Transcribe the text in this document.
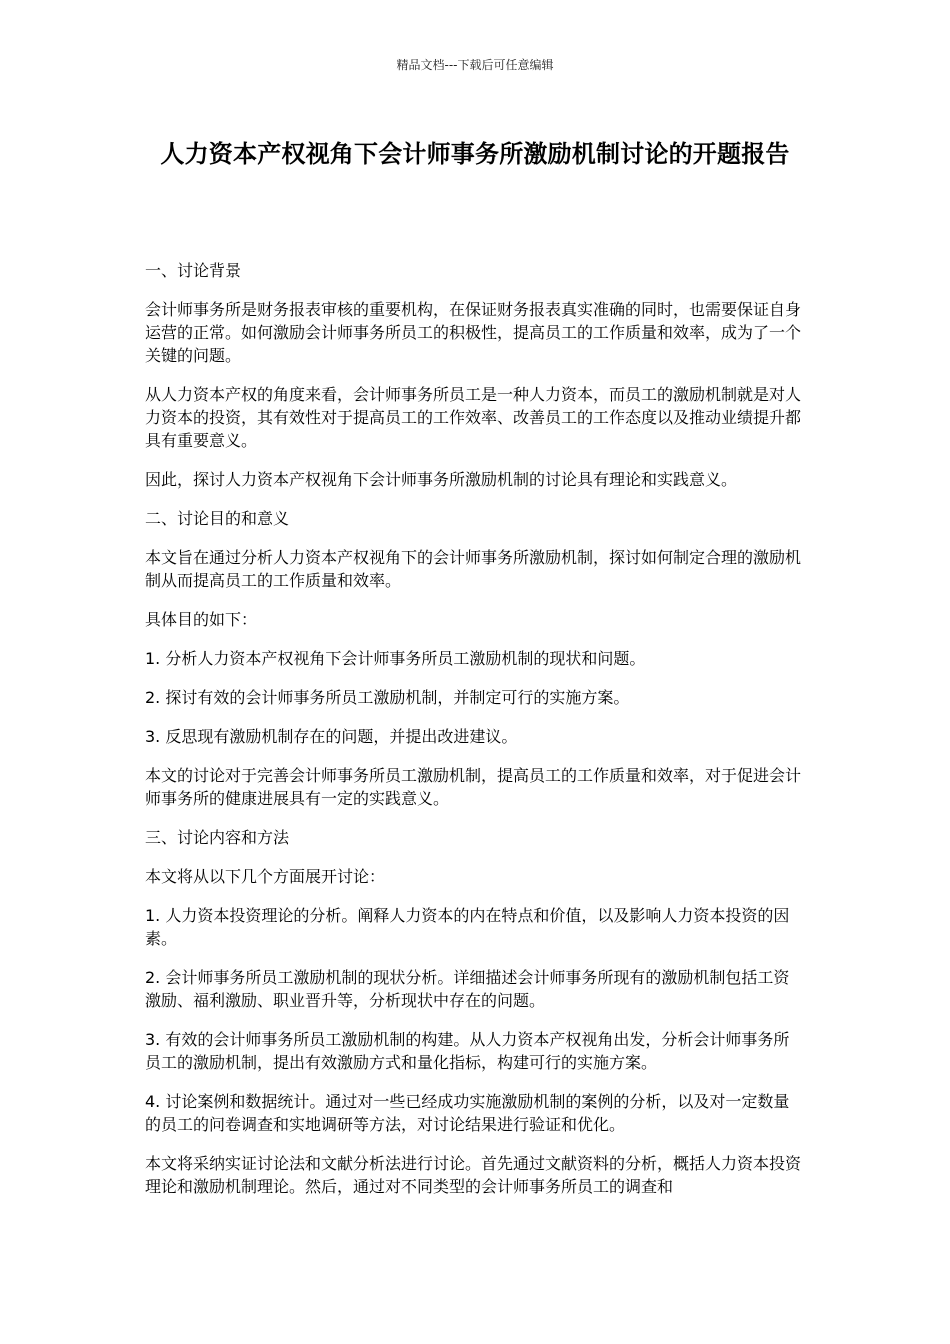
精品文档---下载后可任意编辑
人力资本产权视角下会计师事务所激励机制讨论的开题报告

一、讨论背景

会计师事务所是财务报表审核的重要机构，在保证财务报表真实准确的同时，也需要保证自身运营的正常。如何激励会计师事务所员工的积极性，提高员工的工作质量和效率，成为了一个关键的问题。

从人力资本产权的角度来看，会计师事务所员工是一种人力资本，而员工的激励机制就是对人力资本的投资，其有效性对于提高员工的工作效率、改善员工的工作态度以及推动业绩提升都具有重要意义。

因此，探讨人力资本产权视角下会计师事务所激励机制的讨论具有理论和实践意义。

二、讨论目的和意义

本文旨在通过分析人力资本产权视角下的会计师事务所激励机制，探讨如何制定合理的激励机制从而提高员工的工作质量和效率。

具体目的如下：

1. 分析人力资本产权视角下会计师事务所员工激励机制的现状和问题。

2. 探讨有效的会计师事务所员工激励机制，并制定可行的实施方案。

3. 反思现有激励机制存在的问题，并提出改进建议。

本文的讨论对于完善会计师事务所员工激励机制，提高员工的工作质量和效率，对于促进会计师事务所的健康进展具有一定的实践意义。

三、讨论内容和方法

本文将从以下几个方面展开讨论：

1. 人力资本投资理论的分析。阐释人力资本的内在特点和价值，以及影响人力资本投资的因素。

2. 会计师事务所员工激励机制的现状分析。详细描述会计师事务所现有的激励机制包括工资激励、福利激励、职业晋升等，分析现状中存在的问题。

3. 有效的会计师事务所员工激励机制的构建。从人力资本产权视角出发，分析会计师事务所员工的激励机制，提出有效激励方式和量化指标，构建可行的实施方案。

4. 讨论案例和数据统计。通过对一些已经成功实施激励机制的案例的分析，以及对一定数量的员工的问卷调查和实地调研等方法，对讨论结果进行验证和优化。

本文将采纳实证讨论法和文献分析法进行讨论。首先通过文献资料的分析，概括人力资本投资理论和激励机制理论。然后，通过对不同类型的会计师事务所员工的调查和
